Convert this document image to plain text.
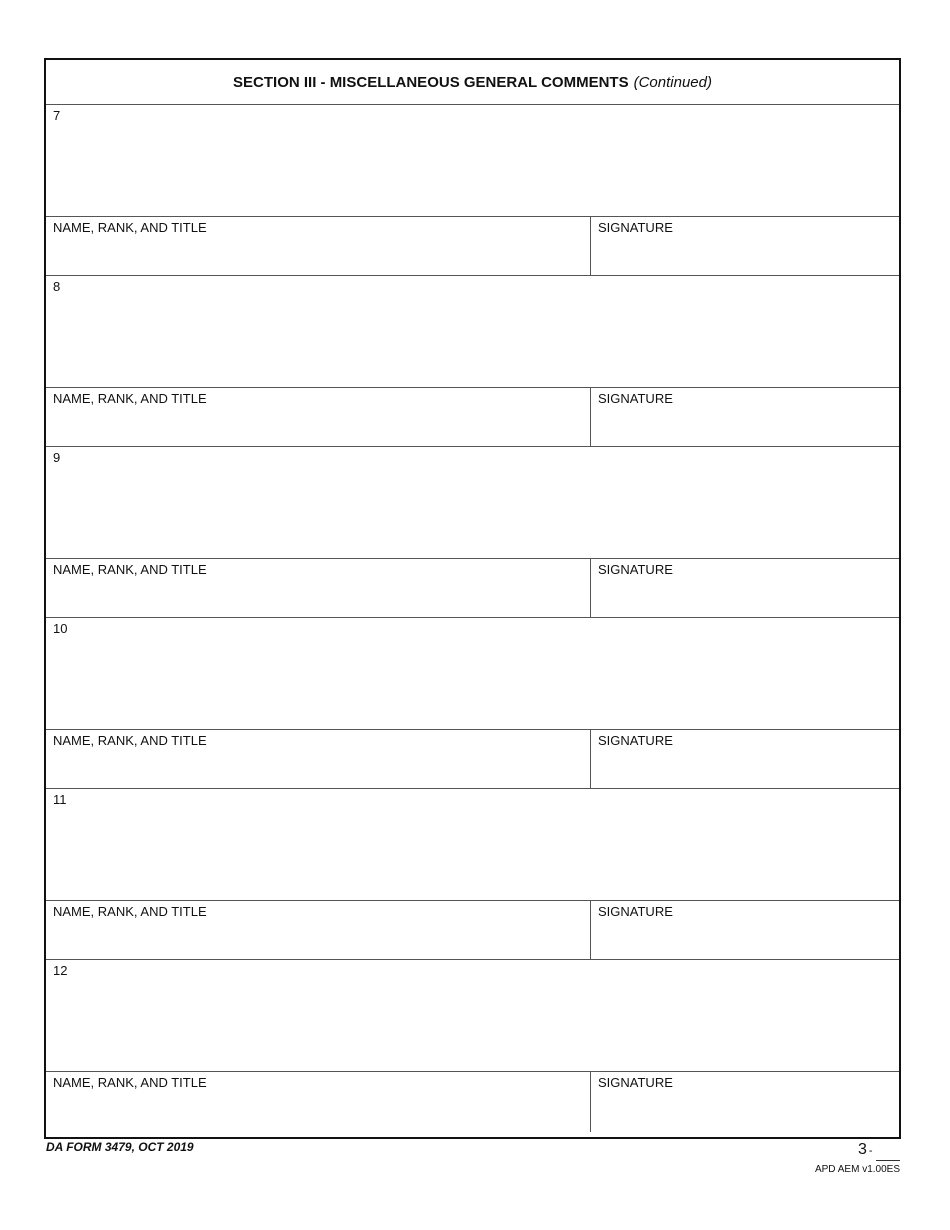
SECTION III - MISCELLANEOUS GENERAL COMMENTS (Continued)
7
NAME, RANK, AND TITLE	SIGNATURE
8
NAME, RANK, AND TITLE	SIGNATURE
9
NAME, RANK, AND TITLE	SIGNATURE
10
NAME, RANK, AND TITLE	SIGNATURE
11
NAME, RANK, AND TITLE	SIGNATURE
12
NAME, RANK, AND TITLE	SIGNATURE
DA FORM 3479, OCT 2019	3 -
APD AEM v1.00ES
